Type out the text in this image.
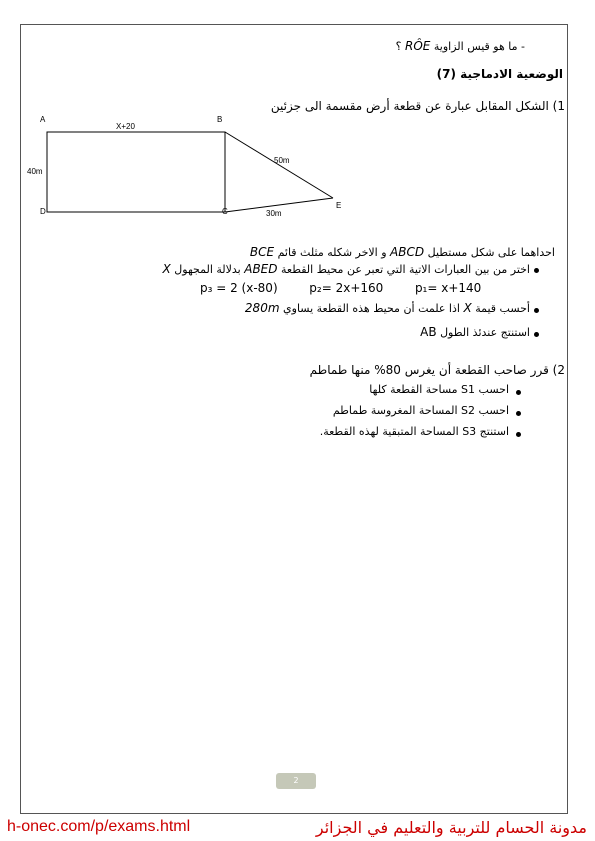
- ما هو قيس الزاوية RÔE ؟
الوضعية الادماجية (7)
1) الشكل المقابل عبارة عن قطعة أرض مقسمة الى جزئين
A	B
D	C
E
X+20
40m
30m
50m
احداهما على شكل مستطيل ABCD و الاخر شكله مثلث قائم BCE
اختر من بين العبارات الاتية التي تعبر عن محيط القطعة ABED بدلالة المجهول X
p₃ = 2 (x-80)	p₂= 2x+160	p₁= x+140
أحسب قيمة X اذا علمت أن محيط هذه القطعة يساوي 280m
استنتج عندئذ الطول AB
2) قرر صاحب القطعة أن يغرس 80% منها طماطم
احسب S1 مساحة القطعة كلها
احسب S2 المساحة المغروسة طماطم
استنتج S3 المساحة المتبقية لهذه القطعة.
2
h-onec.com/p/exams.html	مدونة الحسام للتربية والتعليم في الجزائر
